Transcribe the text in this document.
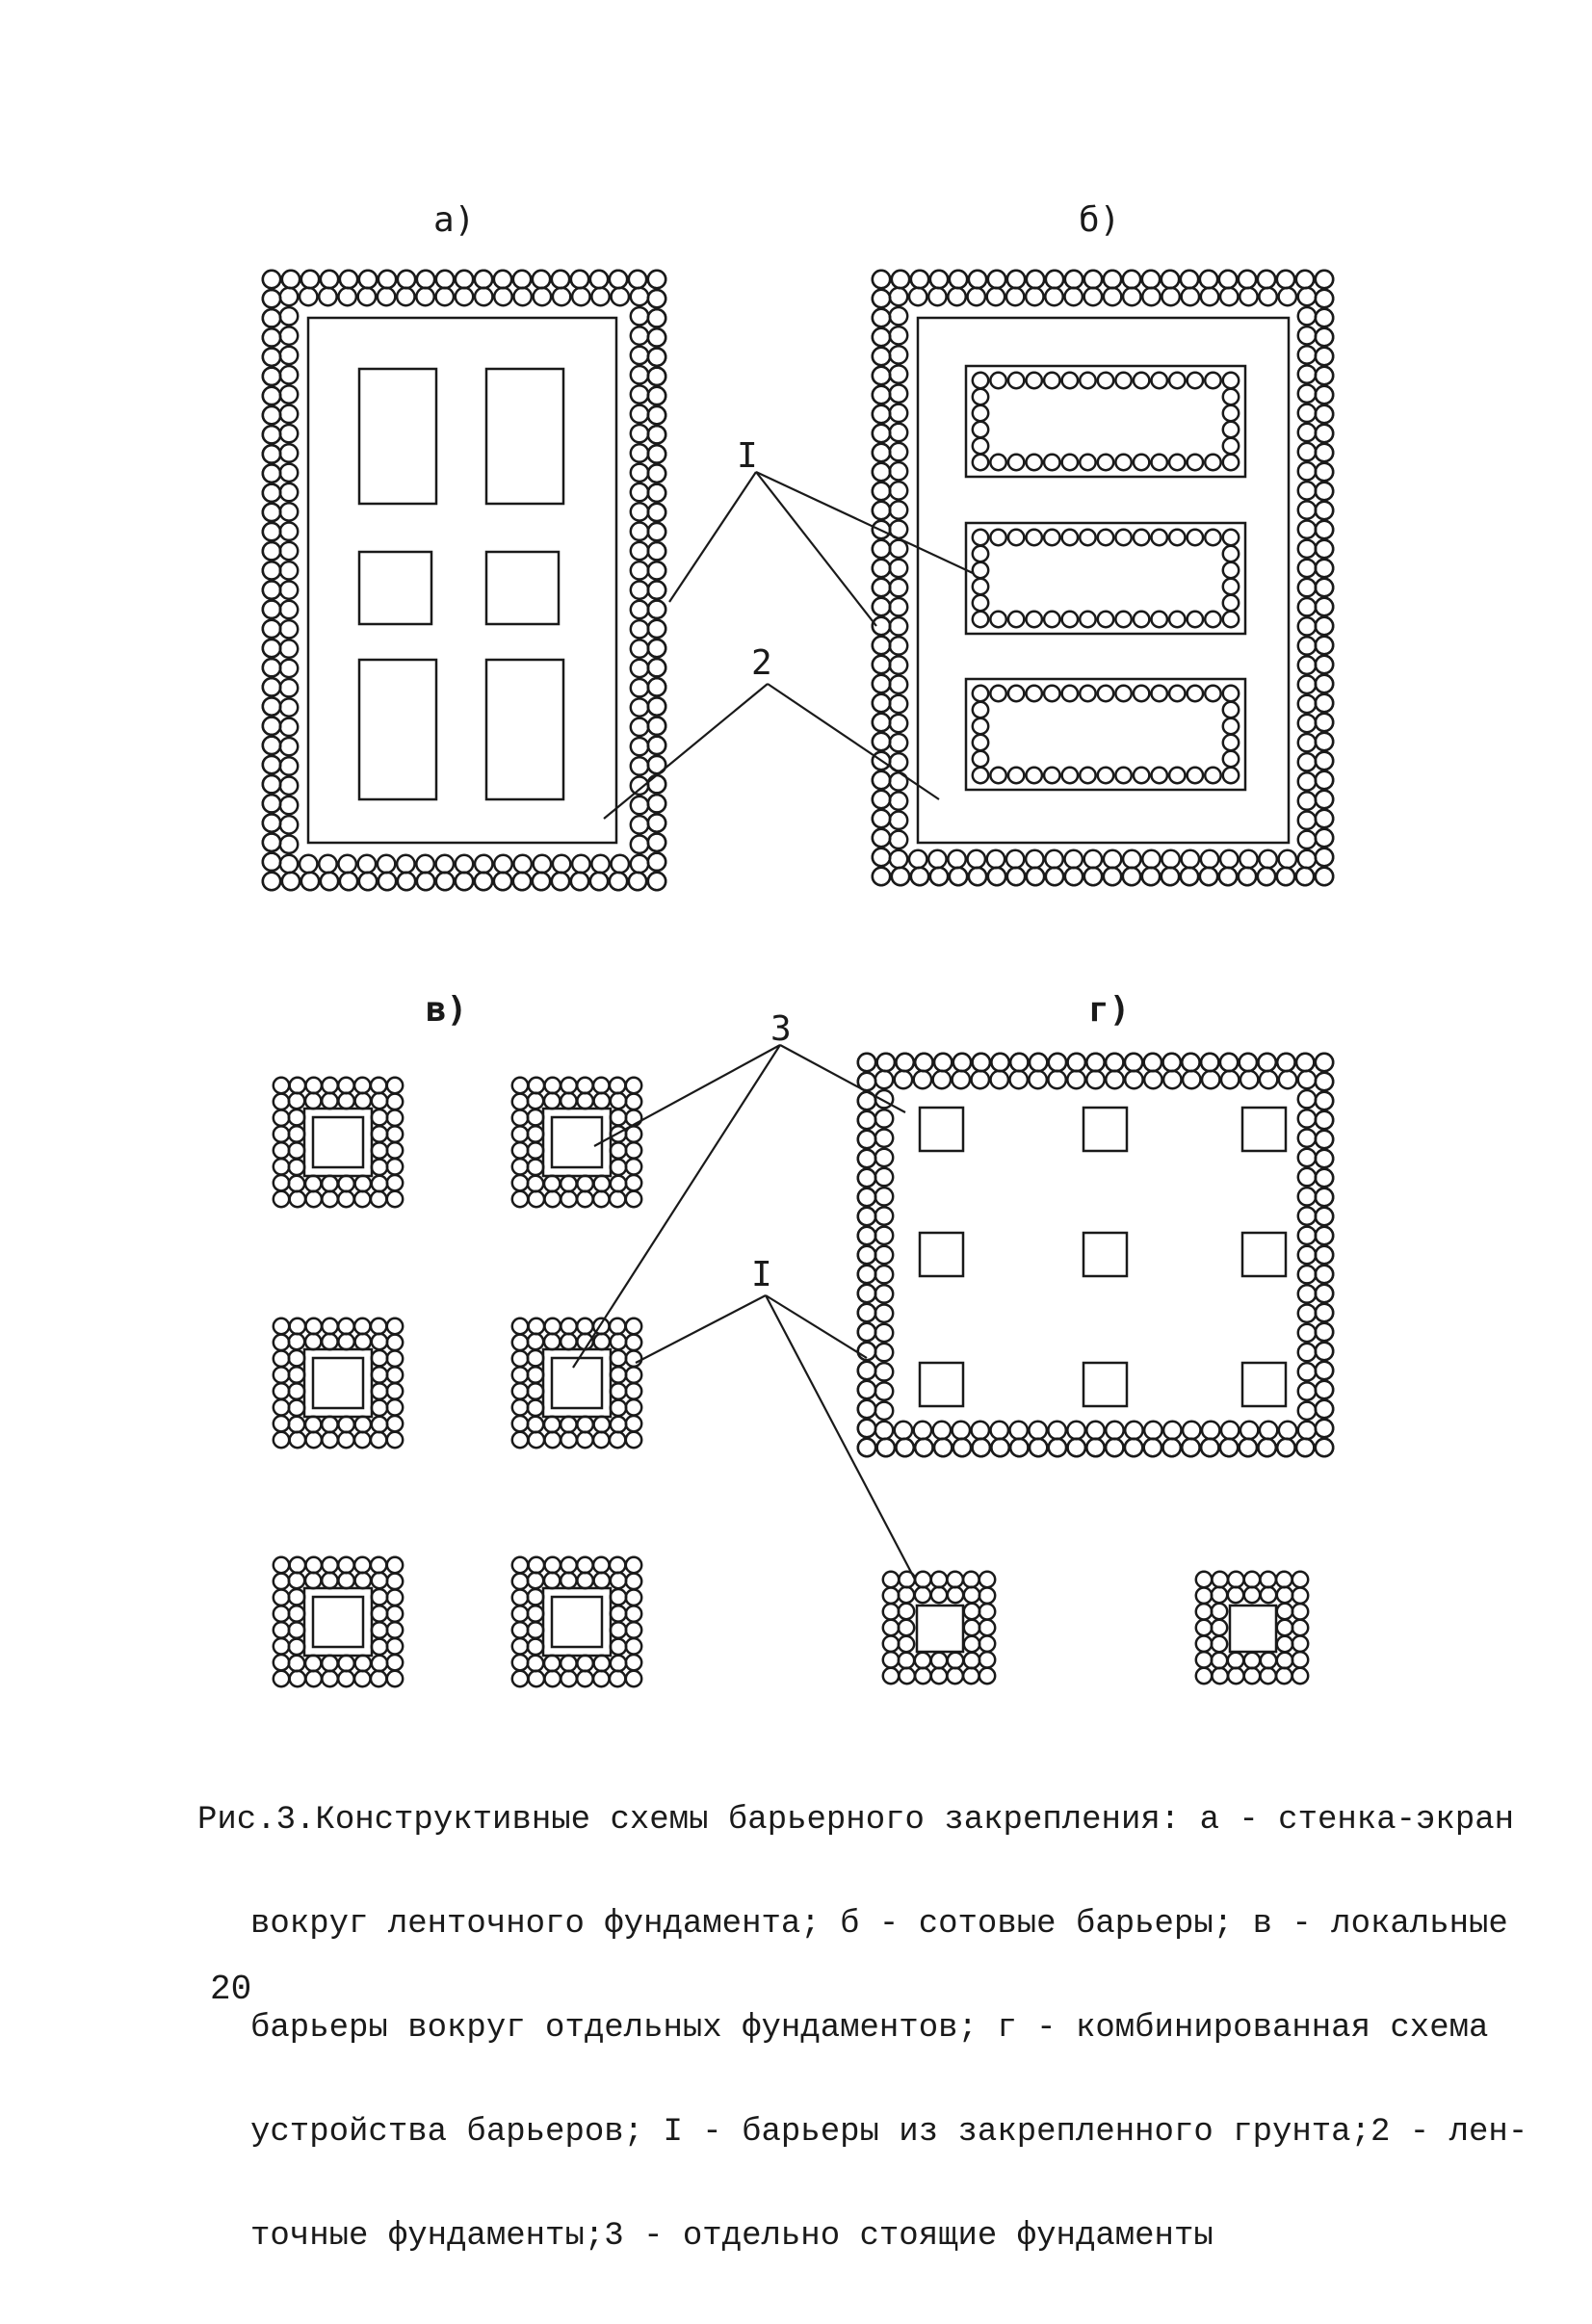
а)	б)
в)	г)
I
2
3
I

Рис.3.Конструктивные схемы барьерного закрепления: а - стенка-экран

вокруг ленточного фундамента; б - сотовые барьеры; в - локальные

барьеры вокруг отдельных фундаментов; г - комбинированная схема

устройства барьеров; I - барьеры из закрепленного грунта;2 - лен-

точные фундаменты;3 - отдельно стоящие фундаменты

20
